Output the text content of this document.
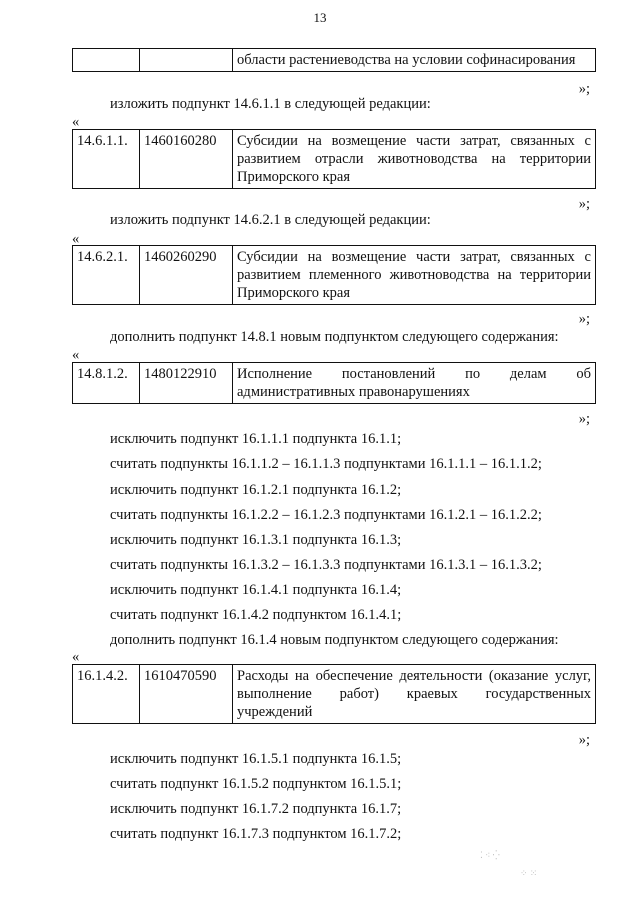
13
		области растениеводства на условии софинасирования
»;
изложить подпункт 14.6.1.1 в следующей редакции:
«
14.6.1.1.	1460160280	Субсидии на возмещение части затрат, связанных с развитием отрасли животноводства на территории Приморского края
»;
изложить подпункт 14.6.2.1 в следующей редакции:
«
14.6.2.1.	1460260290	Субсидии на возмещение части затрат, связанных с развитием племенного животноводства на территории Приморского края
»;
дополнить подпункт 14.8.1 новым подпунктом следующего содержания:
«
14.8.1.2.	1480122910	Исполнение постановлений по делам об административных правонарушениях
»;
исключить подпункт 16.1.1.1 подпункта 16.1.1;
считать подпункты 16.1.1.2 – 16.1.1.3 подпунктами 16.1.1.1 – 16.1.1.2;
исключить подпункт 16.1.2.1 подпункта 16.1.2;
считать подпункты 16.1.2.2 – 16.1.2.3 подпунктами 16.1.2.1 – 16.1.2.2;
исключить подпункт 16.1.3.1 подпункта 16.1.3;
считать подпункты 16.1.3.2 – 16.1.3.3 подпунктами 16.1.3.1 – 16.1.3.2;
исключить подпункт 16.1.4.1 подпункта 16.1.4;
считать подпункт 16.1.4.2 подпунктом 16.1.4.1;
дополнить подпункт 16.1.4 новым подпунктом следующего содержания:
«
16.1.4.2.	1610470590	Расходы на обеспечение деятельности (оказание услуг, выполнение работ) краевых государственных учреждений
»;
исключить подпункт 16.1.5.1 подпункта 16.1.5;
считать подпункт 16.1.5.2 подпунктом 16.1.5.1;
исключить подпункт 16.1.7.2 подпункта 16.1.7;
считать подпункт 16.1.7.3 подпунктом 16.1.7.2;
⁚ ⁖ ⁛
⁘ ⁙
